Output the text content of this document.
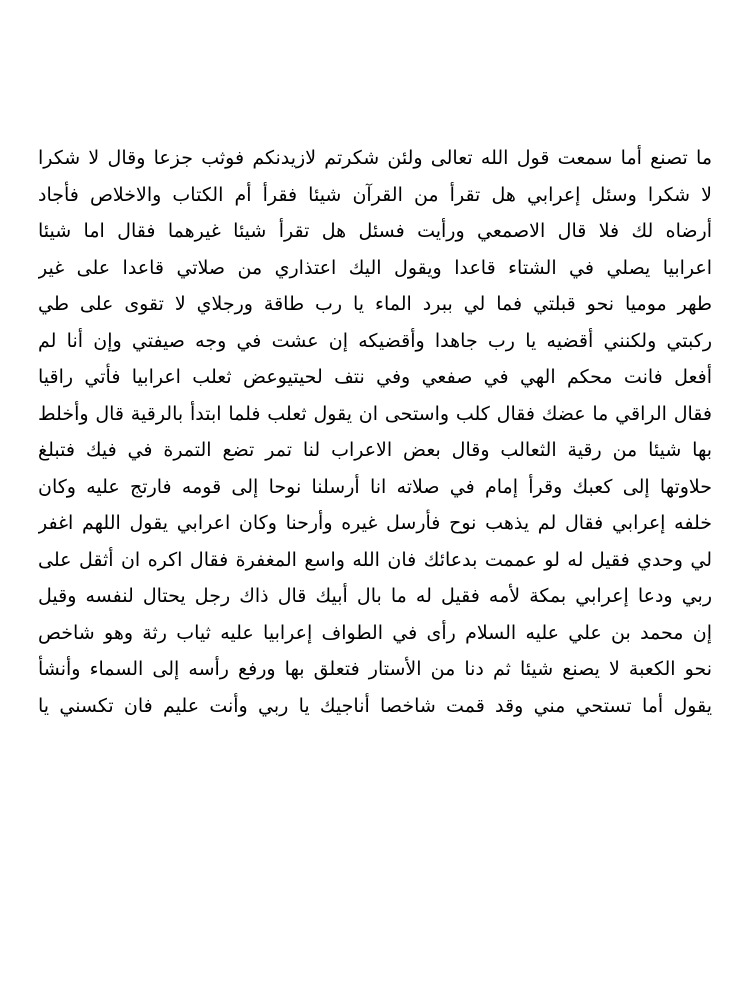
ما تصنع أما سمعت قول الله تعالى ولئن شكرتم لازيدنكم فوثب جزعا وقال لا شكرا
لا شكرا وسئل إعرابي هل تقرأ من القرآن شيئا فقرأ أم الكتاب والاخلاص فأجاد
أرضاه لك فلا قال الاصمعي ورأيت فسئل هل تقرأ شيئا غيرهما فقال اما شيئا
اعرابيا يصلي في الشتاء قاعدا ويقول اليك اعتذاري من صلاتي قاعدا على غير
طهر موميا نحو قبلتي فما لي ببرد الماء يا رب طاقة ورجلاي لا تقوى على طي
ركبتي ولكنني أقضيه يا رب جاهدا وأقضيكه إن عشت في وجه صيفتي وإن أنا لم
أفعل فانت محكم الهي في صفعي وفي نتف لحيتيوعض ثعلب اعرابيا فأتي راقيا
فقال الراقي ما عضك فقال كلب واستحى ان يقول ثعلب فلما ابتدأ بالرقية قال وأخلط
بها شيئا من رقية الثعالب وقال بعض الاعراب لنا تمر تضع التمرة في فيك فتبلغ
حلاوتها إلى كعبك وقرأ إمام في صلاته انا أرسلنا نوحا إلى قومه فارتج عليه وكان
خلفه إعرابي فقال لم يذهب نوح فأرسل غيره وأرحنا وكان اعرابي يقول اللهم اغفر
لي وحدي فقيل له لو عممت بدعائك فان الله واسع المغفرة فقال اكره ان أثقل على
ربي ودعا إعرابي بمكة لأمه فقيل له ما بال أبيك قال ذاك رجل يحتال لنفسه وقيل
إن محمد بن علي عليه السلام رأى في الطواف إعرابيا عليه ثياب رثة وهو شاخص
نحو الكعبة لا يصنع شيئا ثم دنا من الأستار فتعلق بها ورفع رأسه إلى السماء وأنشأ
يقول أما تستحي مني وقد قمت شاخصا أناجيك يا ربي وأنت عليم فان تكسني يا
